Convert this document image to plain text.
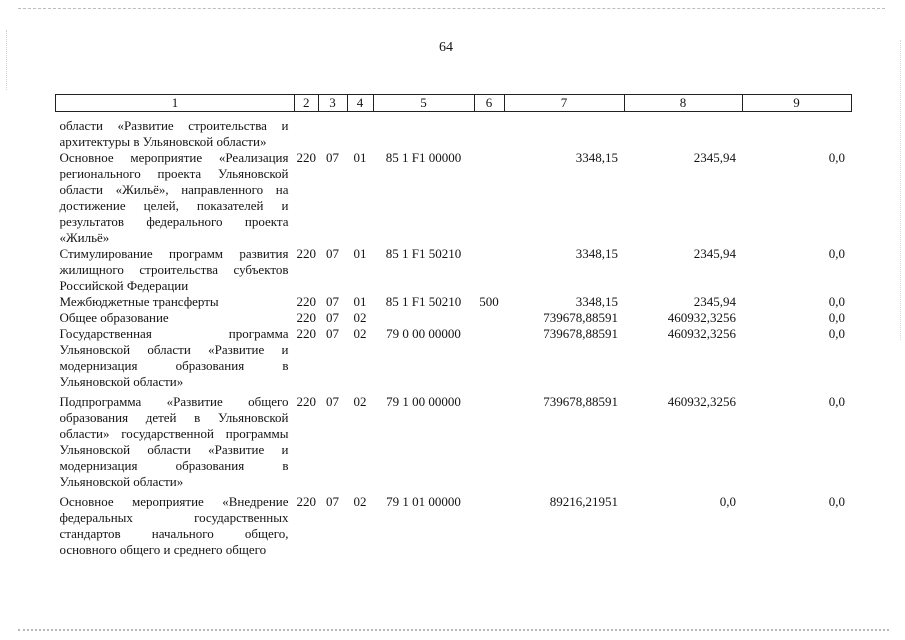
64
1	2	3	4	5	6	7	8	9
области «Развитие строительства и архитектуры в Ульяновской области»								
Основное мероприятие «Реализация регионального проекта Ульяновской области «Жильё», направленного на достижение целей, показателей и результатов федерального проекта «Жильё»	220	07	01	85 1 F1 00000		3348,15	2345,94	0,0
Стимулирование программ развития жилищного строительства субъектов Российской Федерации	220	07	01	85 1 F1 50210		3348,15	2345,94	0,0
Межбюджетные трансферты	220	07	01	85 1 F1 50210	500	3348,15	2345,94	0,0
Общее образование	220	07	02			739678,88591	460932,3256	0,0
Государственная программа Ульяновской области «Развитие и модернизация образования в Ульяновской области»	220	07	02	79 0 00 00000		739678,88591	460932,3256	0,0
Подпрограмма «Развитие общего образования детей в Ульяновской области» государственной программы Ульяновской области «Развитие и модернизация образования в Ульяновской области»	220	07	02	79 1 00 00000		739678,88591	460932,3256	0,0
Основное мероприятие «Внедрение федеральных государственных стандартов начального общего, основного общего и среднего общего	220	07	02	79 1 01 00000		89216,21951	0,0	0,0
